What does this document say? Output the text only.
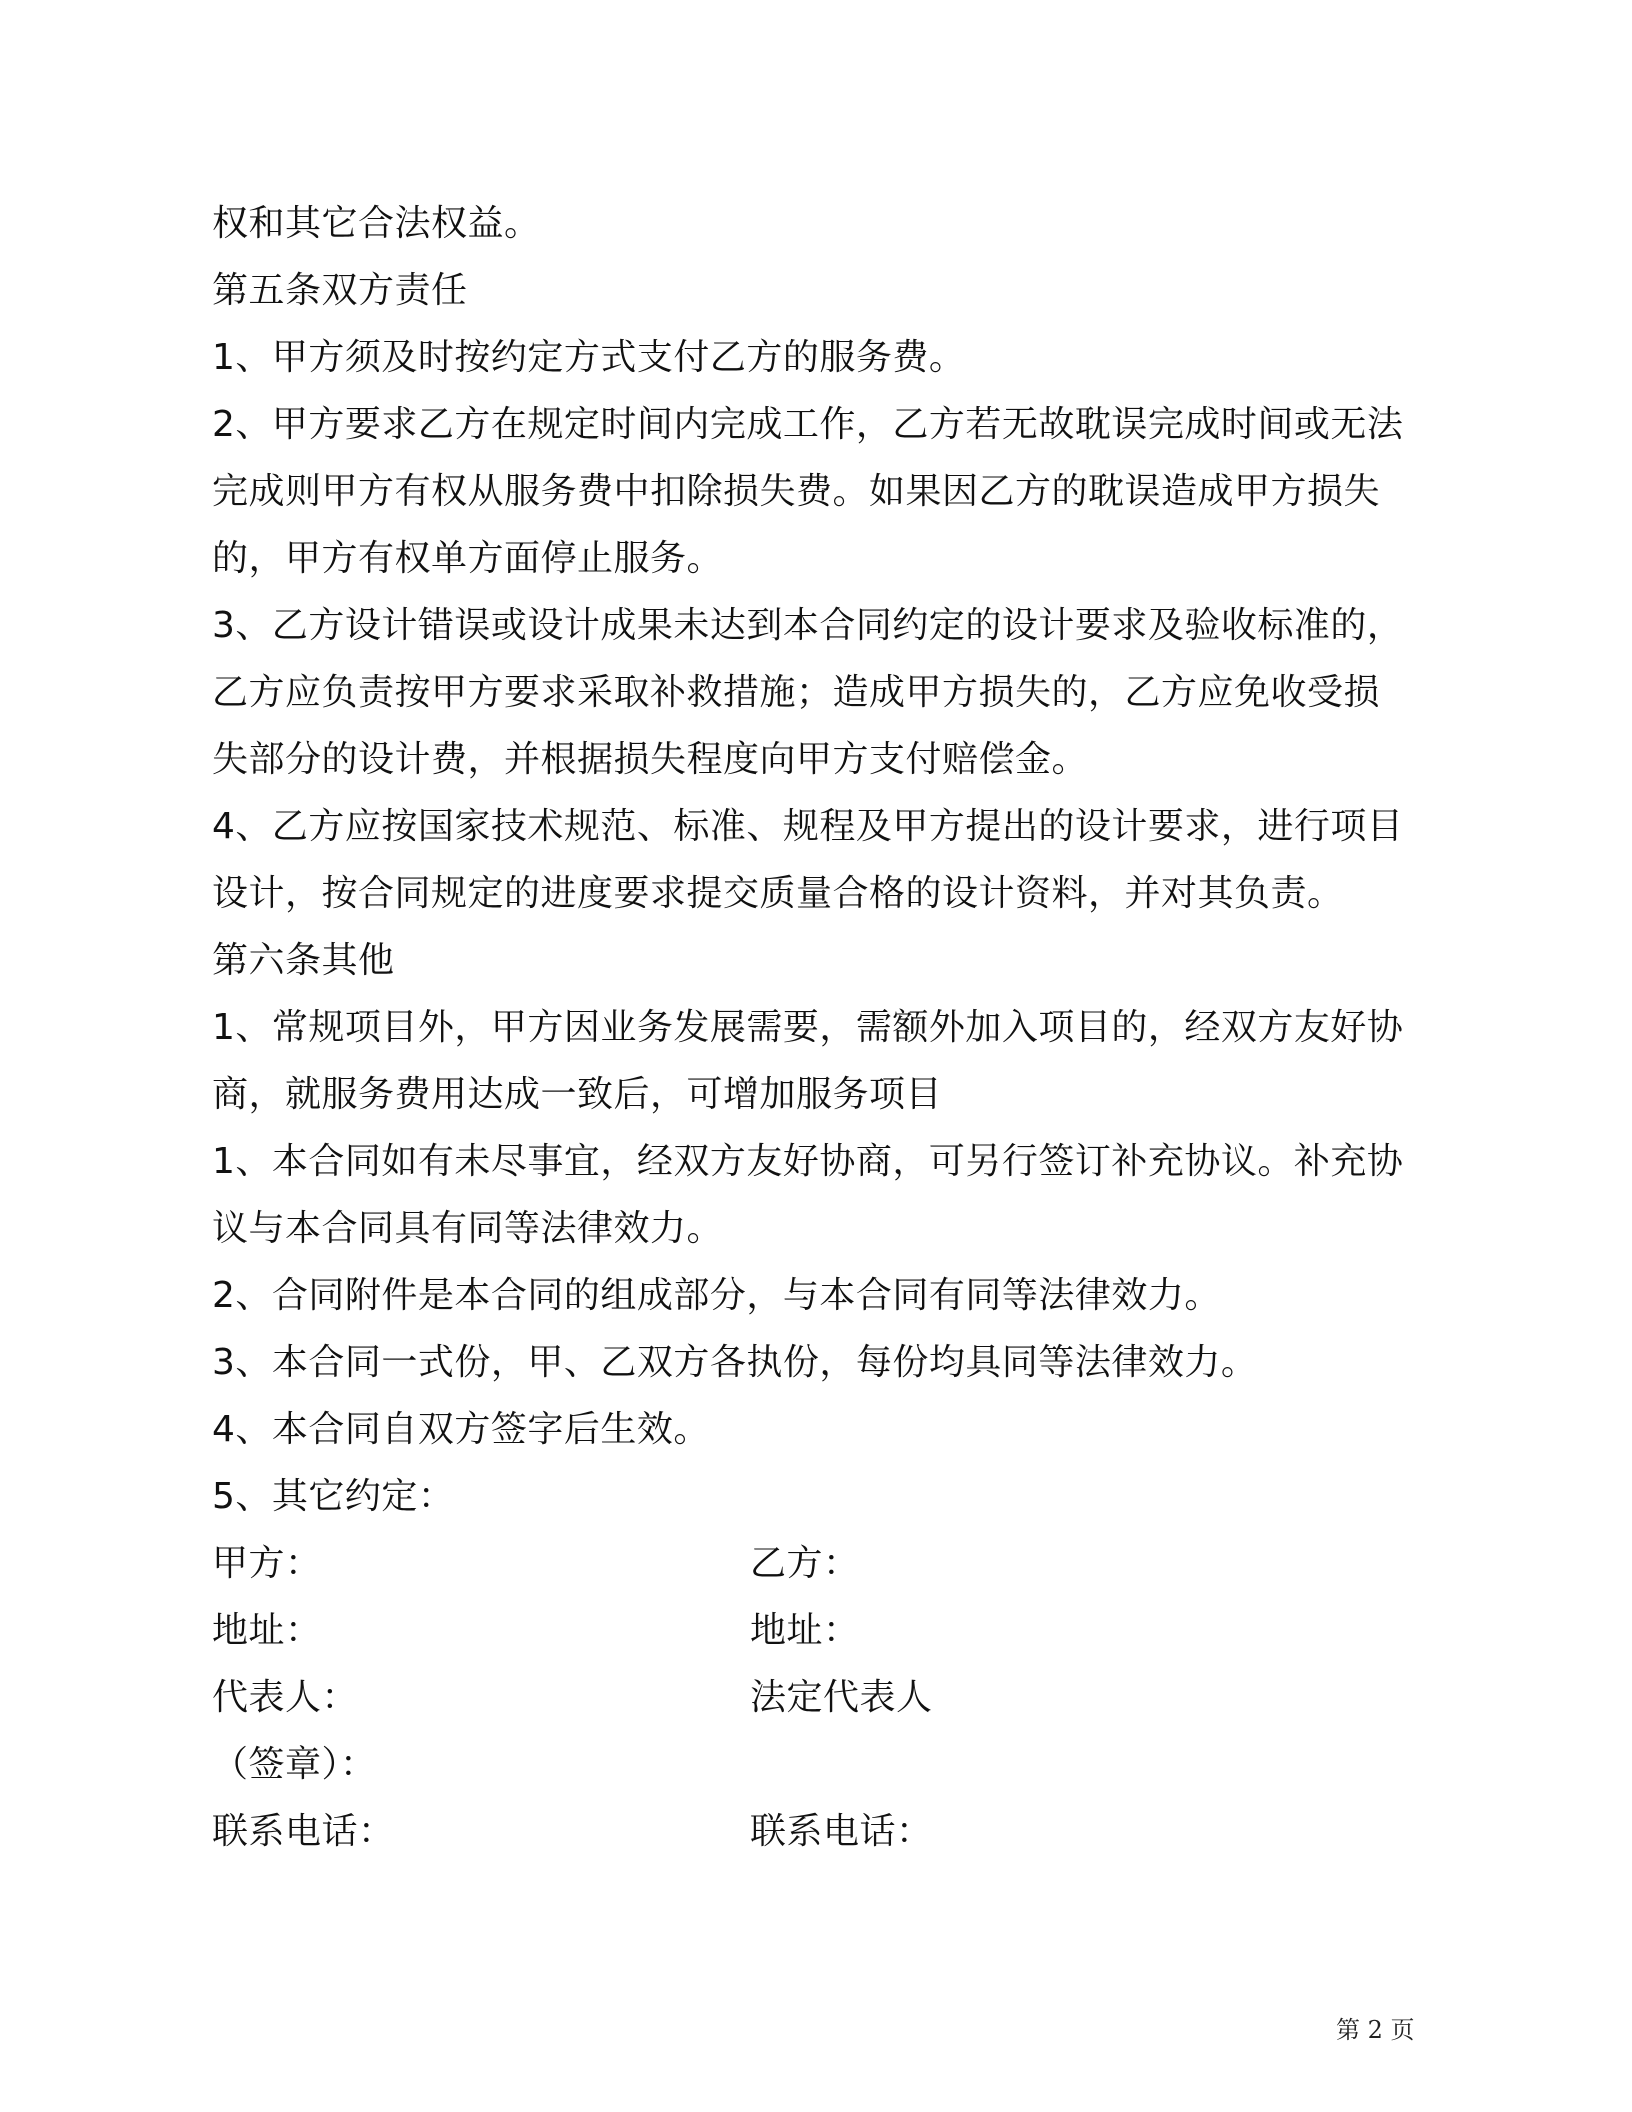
权和其它合法权益。
第五条双方责任
1、甲方须及时按约定方式支付乙方的服务费。
2、甲方要求乙方在规定时间内完成工作，乙方若无故耽误完成时间或无法
完成则甲方有权从服务费中扣除损失费。如果因乙方的耽误造成甲方损失
的，甲方有权单方面停止服务。
3、乙方设计错误或设计成果未达到本合同约定的设计要求及验收标准的，
乙方应负责按甲方要求采取补救措施；造成甲方损失的，乙方应免收受损
失部分的设计费，并根据损失程度向甲方支付赔偿金。
4、乙方应按国家技术规范、标准、规程及甲方提出的设计要求，进行项目
设计，按合同规定的进度要求提交质量合格的设计资料，并对其负责。
第六条其他
1、常规项目外，甲方因业务发展需要，需额外加入项目的，经双方友好协
商，就服务费用达成一致后，可增加服务项目
1、本合同如有未尽事宜，经双方友好协商，可另行签订补充协议。补充协
议与本合同具有同等法律效力。
2、合同附件是本合同的组成部分，与本合同有同等法律效力。
3、本合同一式份，甲、乙双方各执份，每份均具同等法律效力。
4、本合同自双方签字后生效。
5、其它约定：
甲方：	乙方：
地址：	地址：
代表人：	法定代表人
（签章）：
联系电话：	联系电话：
第 2 页
